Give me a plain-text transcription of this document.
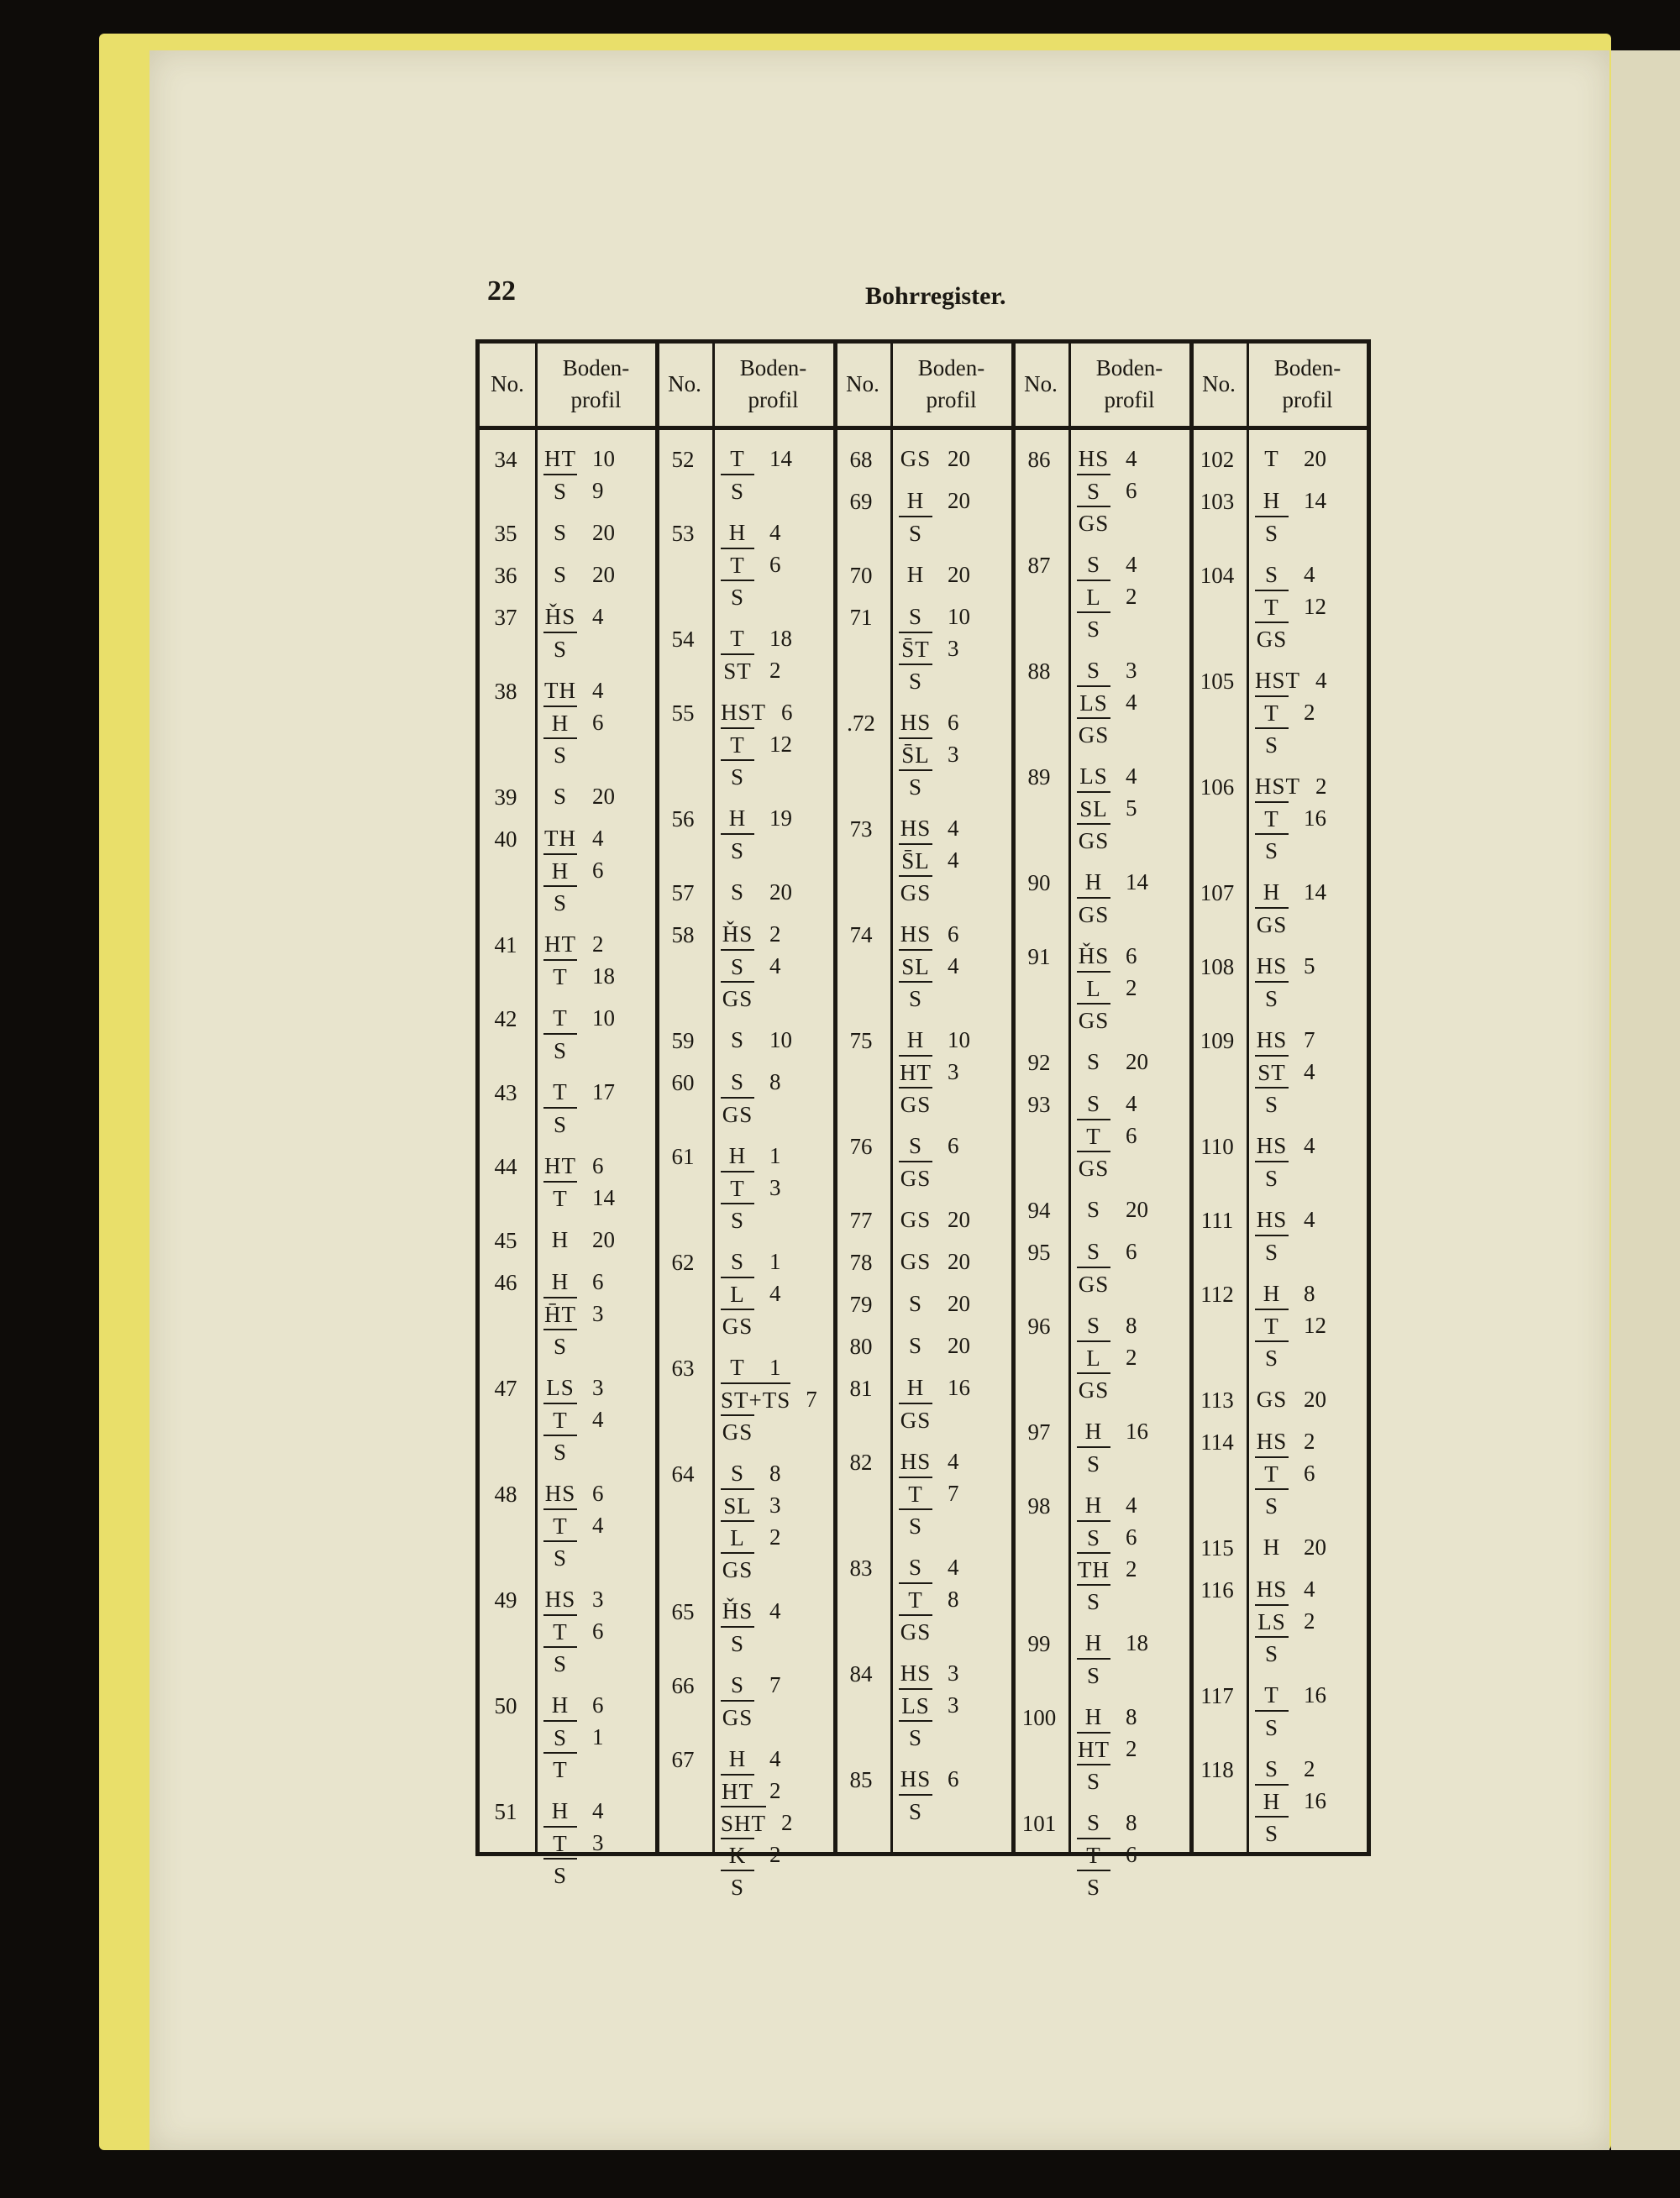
22	Bohrregister.
No.
Boden-
profil
No.
Boden-
profil
No.
Boden-
profil
No.
Boden-
profil
No.
Boden-
profil
34	HT 10
S	9
35	S	20
36	S	20
37	ȞS 4
S
38	TH 4
H	6
S
39	S	20
40	TH 4
H	6
S
41	HT 2
T	18
42	T	10
S
43	T	17
S
44	HT 6
T	14
45	H	20
46	H	6
H̄T 3
S
47	LS 3
T	4
S
48	HS 6
T	4
S
49	HS 3
T	6
S
50	H	6
S	1
T
51	H	4
T	3
S
52	T	14
S
53	H	4
T	6
S
54	T	18
ST 2
55	HST 6
T	12
S
56	H	19
S
57	S	20
58	ȞS 2
S	4
GS
59	S	10
60	S	8
GS
61	H	1
T	3
S
62	S	1
L	4
GS
63	T	1
ST+TS 7
GS
64	S	8
SL 3
L	2
GS
65	ȞS 4
S
66	S	7
GS
67	H	4
HT 2
SHT 2
K	2
S
68	GS 20
69	H	20
S
70	H	20
71	S	10
S̄T 3
S
.72	HS 6
S̄L 3
S
73	HS 4
S̄L 4
GS
74	HS 6
SL 4
S
75	H	10
HT 3
GS
76	S	6
GS
77	GS 20
78	GS 20
79	S	20
80	S	20
81	H	16
GS
82	HS 4
T	7
S
83	S	4
T	8
GS
84	HS 3
LS 3
S
85	HS 6
S
86	HS 4
S	6
GS
87	S	4
L	2
S
88	S	3
LS 4
GS
89	LS 4
SL 5
GS
90	H	14
GS
91	ȞS 6
L	2
GS
92	S	20
93	S	4
T	6
GS
94	S	20
95	S	6
GS
96	S	8
L	2
GS
97	H	16
S
98	H	4
S	6
TH 2
S
99	H	18
S
100	H	8
HT 2
S
101	S	8
T	6
S
102	T	20
103	H	14
S
104	S	4
T	12
GS
105 HST 4
T	2
S
106 HST 2
T	16
S
107	H	14
GS
108 HS 5
S
109 HS 7
ST 4
S
110 HS 4
S
111	HS 4
S
112	H	8
T	12
S
113 GS 20
114 HS 2
T	6
S
115	H	20
116 HS 4
LS 2
S
117	T	16
S
118	S	2
H	16
S
